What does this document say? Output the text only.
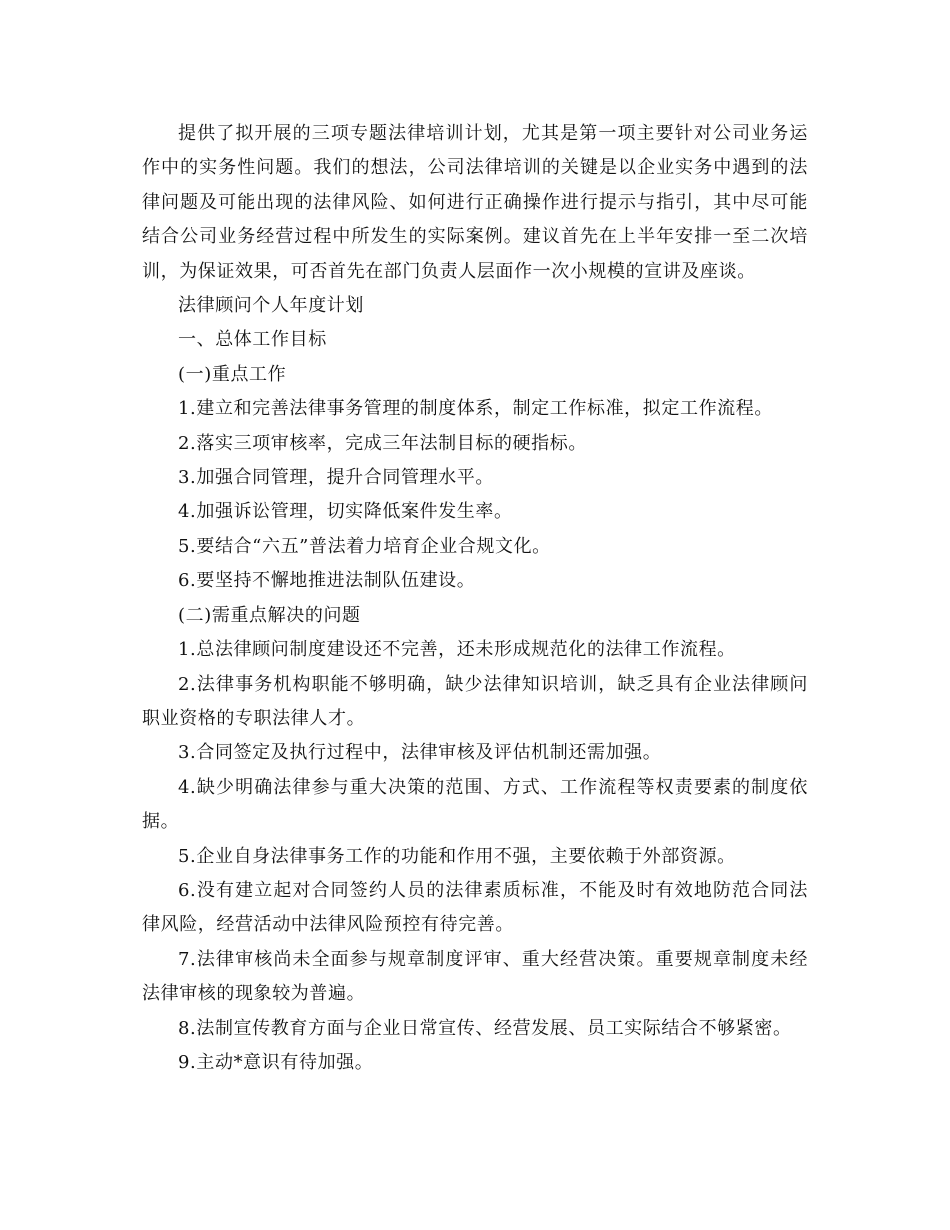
提供了拟开展的三项专题法律培训计划，尤其是第一项主要针对公司业务运作中的实务性问题。我们的想法，公司法律培训的关键是以企业实务中遇到的法律问题及可能出现的法律风险、如何进行正确操作进行提示与指引，其中尽可能结合公司业务经营过程中所发生的实际案例。建议首先在上半年安排一至二次培训，为保证效果，可否首先在部门负责人层面作一次小规模的宣讲及座谈。

法律顾问个人年度计划

一、总体工作目标

(一)重点工作

1.建立和完善法律事务管理的制度体系，制定工作标准，拟定工作流程。

2.落实三项审核率，完成三年法制目标的硬指标。

3.加强合同管理，提升合同管理水平。

4.加强诉讼管理，切实降低案件发生率。

5.要结合“六五”普法着力培育企业合规文化。

6.要坚持不懈地推进法制队伍建设。

(二)需重点解决的问题

1.总法律顾问制度建设还不完善，还未形成规范化的法律工作流程。

2.法律事务机构职能不够明确，缺少法律知识培训，缺乏具有企业法律顾问职业资格的专职法律人才。

3.合同签定及执行过程中，法律审核及评估机制还需加强。

4.缺少明确法律参与重大决策的范围、方式、工作流程等权责要素的制度依据。

5.企业自身法律事务工作的功能和作用不强，主要依赖于外部资源。

6.没有建立起对合同签约人员的法律素质标准，不能及时有效地防范合同法律风险，经营活动中法律风险预控有待完善。

7.法律审核尚未全面参与规章制度评审、重大经营决策。重要规章制度未经法律审核的现象较为普遍。

8.法制宣传教育方面与企业日常宣传、经营发展、员工实际结合不够紧密。

9.主动*意识有待加强。
